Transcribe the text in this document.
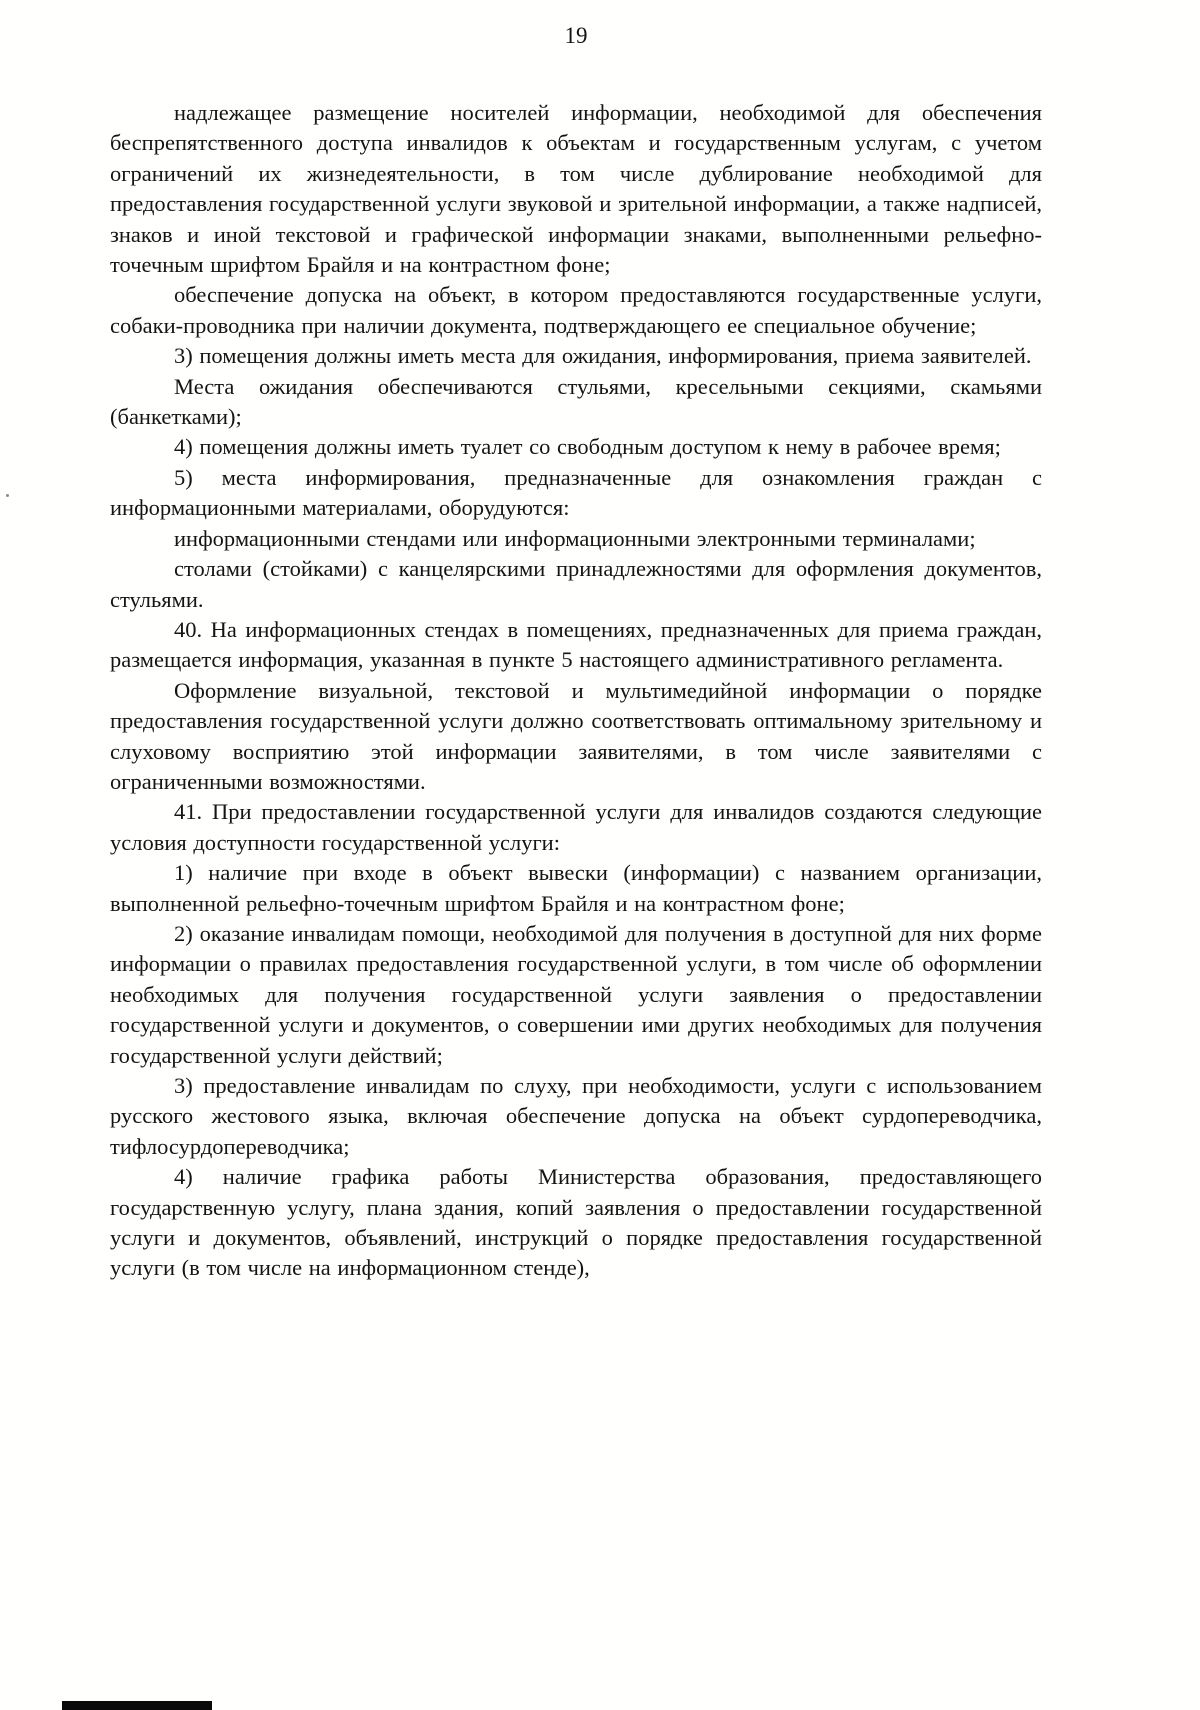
19

надлежащее размещение носителей информации, необходимой для обеспечения беспрепятственного доступа инвалидов к объектам и государственным услугам, с учетом ограничений их жизнедеятельности, в том числе дублирование необходимой для предоставления государственной услуги звуковой и зрительной информации, а также надписей, знаков и иной текстовой и графической информации знаками, выполненными рельефно-точечным шрифтом Брайля и на контрастном фоне;

обеспечение допуска на объект, в котором предоставляются государственные услуги, собаки-проводника при наличии документа, подтверждающего ее специальное обучение;

3) помещения должны иметь места для ожидания, информирования, приема заявителей.

Места ожидания обеспечиваются стульями, кресельными секциями, скамьями (банкетками);

4) помещения должны иметь туалет со свободным доступом к нему в рабочее время;

5) места информирования, предназначенные для ознакомления граждан с информационными материалами, оборудуются:

информационными стендами или информационными электронными терминалами;

столами (стойками) с канцелярскими принадлежностями для оформления документов, стульями.

40. На информационных стендах в помещениях, предназначенных для приема граждан, размещается информация, указанная в пункте 5 настоящего административного регламента.

Оформление визуальной, текстовой и мультимедийной информации о порядке предоставления государственной услуги должно соответствовать оптимальному зрительному и слуховому восприятию этой информации заявителями, в том числе заявителями с ограниченными возможностями.

41. При предоставлении государственной услуги для инвалидов создаются следующие условия доступности государственной услуги:

1) наличие при входе в объект вывески (информации) с названием организации, выполненной рельефно-точечным шрифтом Брайля и на контрастном фоне;

2) оказание инвалидам помощи, необходимой для получения в доступной для них форме информации о правилах предоставления государственной услуги, в том числе об оформлении необходимых для получения государственной услуги заявления о предоставлении государственной услуги и документов, о совершении ими других необходимых для получения государственной услуги действий;

3) предоставление инвалидам по слуху, при необходимости, услуги с использованием русского жестового языка, включая обеспечение допуска на объект сурдопереводчика, тифлосурдопереводчика;

4) наличие графика работы Министерства образования, предоставляющего государственную услугу, плана здания, копий заявления о предоставлении государственной услуги и документов, объявлений, инструкций о порядке предоставления государственной услуги (в том числе на информационном стенде),
